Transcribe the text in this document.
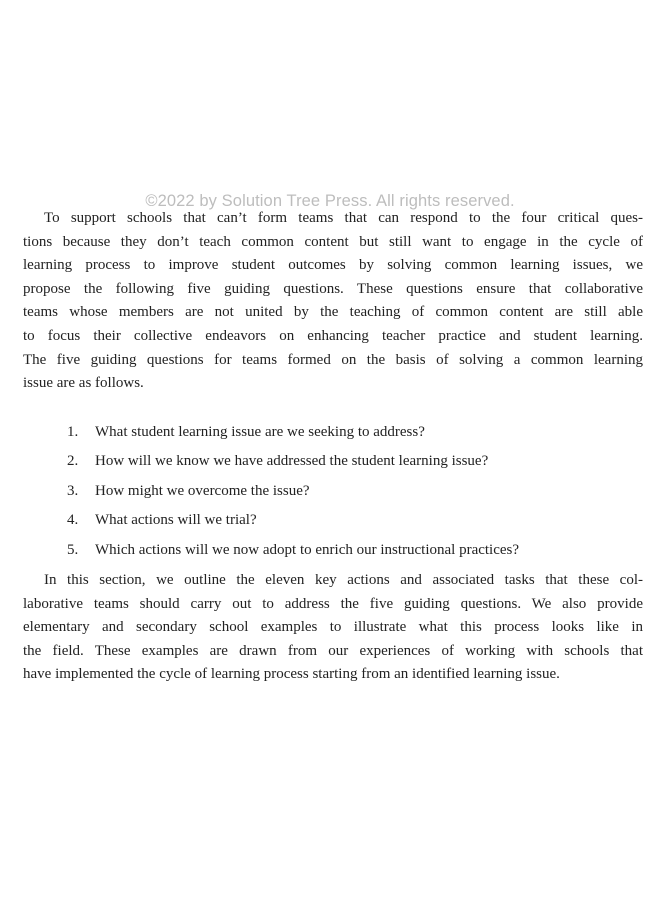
©2022 by Solution Tree Press. All rights reserved.
To support schools that can’t form teams that can respond to the four critical ques-
tions because they don’t teach common content but still want to engage in the cycle of
learning process to improve student outcomes by solving common learning issues, we
propose the following five guiding questions. These questions ensure that collaborative
teams whose members are not united by the teaching of common content are still able
to focus their collective endeavors on enhancing teacher practice and student learning.
The five guiding questions for teams formed on the basis of solving a common learning
issue are as follows.
1.	What student learning issue are we seeking to address?
2.	How will we know we have addressed the student learning issue?
3.	How might we overcome the issue?
4.	What actions will we trial?
5.	Which actions will we now adopt to enrich our instructional practices?
In this section, we outline the eleven key actions and associated tasks that these col-
laborative teams should carry out to address the five guiding questions. We also provide
elementary and secondary school examples to illustrate what this process looks like in
the field. These examples are drawn from our experiences of working with schools that
have implemented the cycle of learning process starting from an identified learning issue.
